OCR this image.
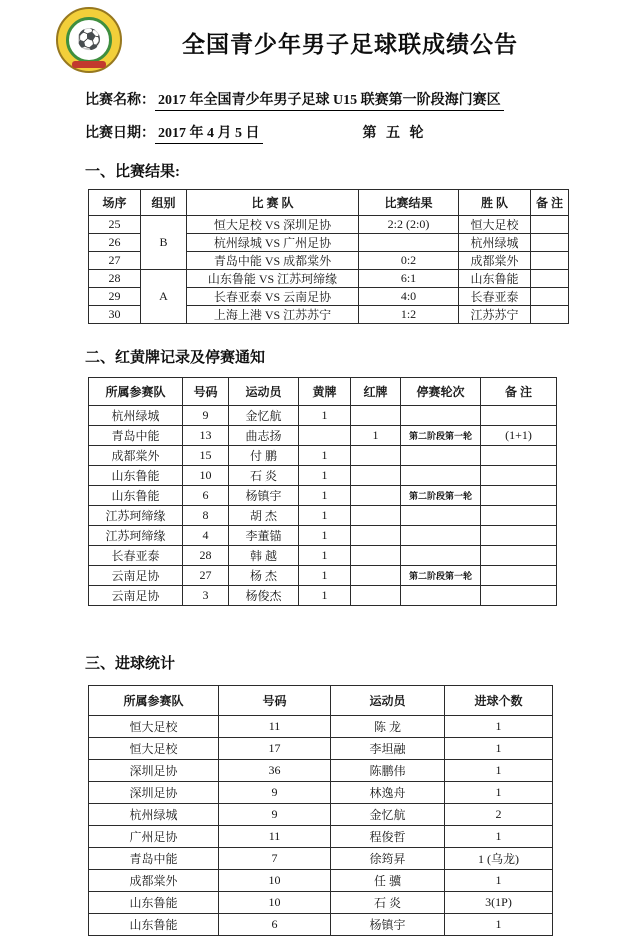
⚽	全国青少年男子足球联成绩公告
比赛名称： 2017 年全国青少年男子足球 U15 联赛第一阶段海门赛区
比赛日期： 2017 年 4 月 5 日	第 五 轮
一、比赛结果:
场序	组别	比 赛 队	比赛结果	胜 队	备 注
25	B	恒大足校 VS 深圳足协	2:2 (2:0)	恒大足校	
26		杭州绿城 VS 广州足协		杭州绿城	
27		青岛中能 VS 成都棠外	0:2	成都棠外	
28	A	山东鲁能 VS 江苏珂缔缘	6:1	山东鲁能	
29		长春亚泰 VS 云南足协	4:0	长春亚泰	
30		上海上港 VS 江苏苏宁	1:2	江苏苏宁	
二、红黄牌记录及停赛通知
所属参赛队	号码	运动员	黄牌	红牌	停赛轮次	备 注
杭州绿城	9	金忆航	1			
青岛中能	13	曲志扬		1	第二阶段第一轮	(1+1)
成都棠外	15	付 鹏	1			
山东鲁能	10	石 炎	1			
山东鲁能	6	杨镇宇	1		第二阶段第一轮	
江苏珂缔缘	8	胡 杰	1			
江苏珂缔缘	4	李董锚	1			
长春亚泰	28	韩 越	1			
云南足协	27	杨 杰	1		第二阶段第一轮	
云南足协	3	杨俊杰	1			
三、进球统计
所属参赛队	号码	运动员	进球个数
恒大足校	11	陈 龙	1
恒大足校	17	李坦融	1
深圳足协	36	陈鹏伟	1
深圳足协	9	林逸舟	1
杭州绿城	9	金忆航	2
广州足协	11	程俊哲	1
青岛中能	7	徐筠昇	1 (乌龙)
成都棠外	10	任 骥	1
山东鲁能	10	石 炎	3(1P)
山东鲁能	6	杨镇宇	1
